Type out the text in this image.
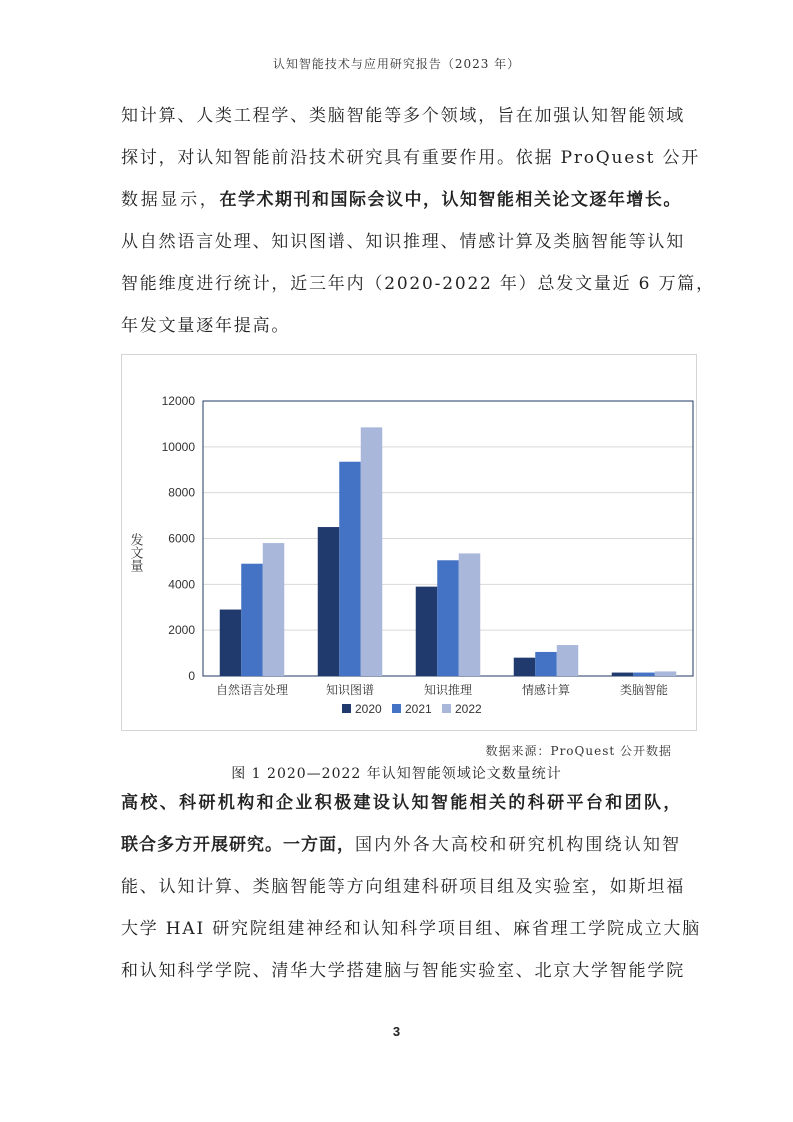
认知智能技术与应用研究报告（2023 年）
知计算、人类工程学、类脑智能等多个领域，旨在加强认知智能领域
探讨，对认知智能前沿技术研究具有重要作用。依据 ProQuest 公开
数据显示，在学术期刊和国际会议中，认知智能相关论文逐年增长。
从自然语言处理、知识图谱、知识推理、情感计算及类脑智能等认知
智能维度进行统计，近三年内（2020-2022 年）总发文量近 6 万篇，
年发文量逐年提高。
0
2000
4000
6000
8000
10000
12000
自然语言处理	知识图谱	知识推理	情感计算	类脑智能
发文量
2020 2021 2022
数据来源：ProQuest 公开数据
图 1 2020—2022 年认知智能领域论文数量统计
高校、科研机构和企业积极建设认知智能相关的科研平台和团队，
联合多方开展研究。一方面，国内外各大高校和研究机构围绕认知智
能、认知计算、类脑智能等方向组建科研项目组及实验室，如斯坦福
大学 HAI 研究院组建神经和认知科学项目组、麻省理工学院成立大脑
和认知科学学院、清华大学搭建脑与智能实验室、北京大学智能学院
3
